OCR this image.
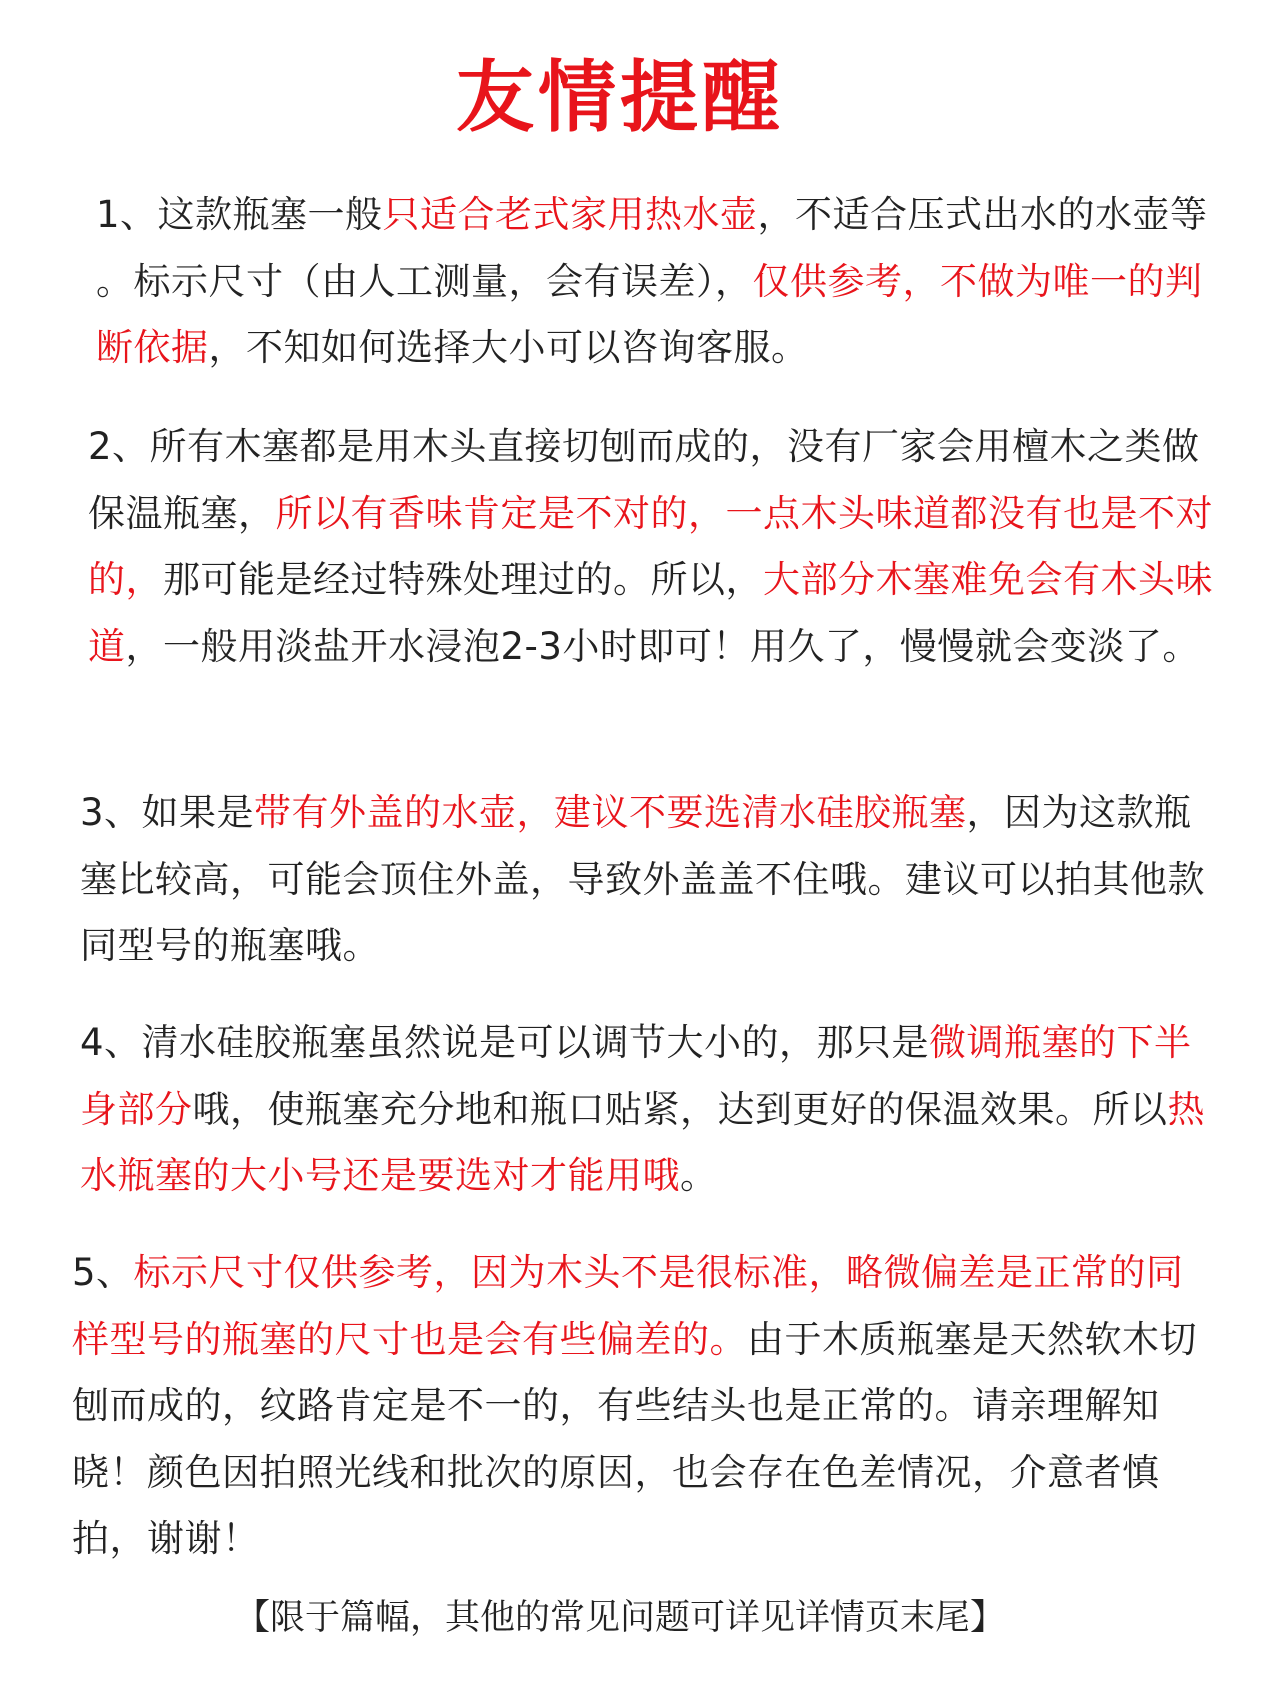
友情提醒
1、这款瓶塞一般只适合老式家用热水壶，不适合压式出水的水壶等 。标示尺寸（由人工测量，会有误差），仅供参考，不做为唯一的判断依据，不知如何选择大小可以咨询客服。
2、所有木塞都是用木头直接切刨而成的，没有厂家会用檀木之类做保温瓶塞，所以有香味肯定是不对的，一点木头味道都没有也是不对的，那可能是经过特殊处理过的。所以，大部分木塞难免会有木头味道，一般用淡盐开水浸泡2-3小时即可！用久了，慢慢就会变淡了。
3、如果是带有外盖的水壶，建议不要选清水硅胶瓶塞，因为这款瓶塞比较高，可能会顶住外盖，导致外盖盖不住哦。建议可以拍其他款同型号的瓶塞哦。
4、清水硅胶瓶塞虽然说是可以调节大小的，那只是微调瓶塞的下半身部分哦，使瓶塞充分地和瓶口贴紧，达到更好的保温效果。所以热水瓶塞的大小号还是要选对才能用哦。
5、标示尺寸仅供参考，因为木头不是很标准，略微偏差是正常的同样型号的瓶塞的尺寸也是会有些偏差的。由于木质瓶塞是天然软木切刨而成的，纹路肯定是不一的，有些结头也是正常的。请亲理解知晓！颜色因拍照光线和批次的原因，也会存在色差情况，介意者慎拍，谢谢！
【限于篇幅，其他的常见问题可详见详情页末尾】
